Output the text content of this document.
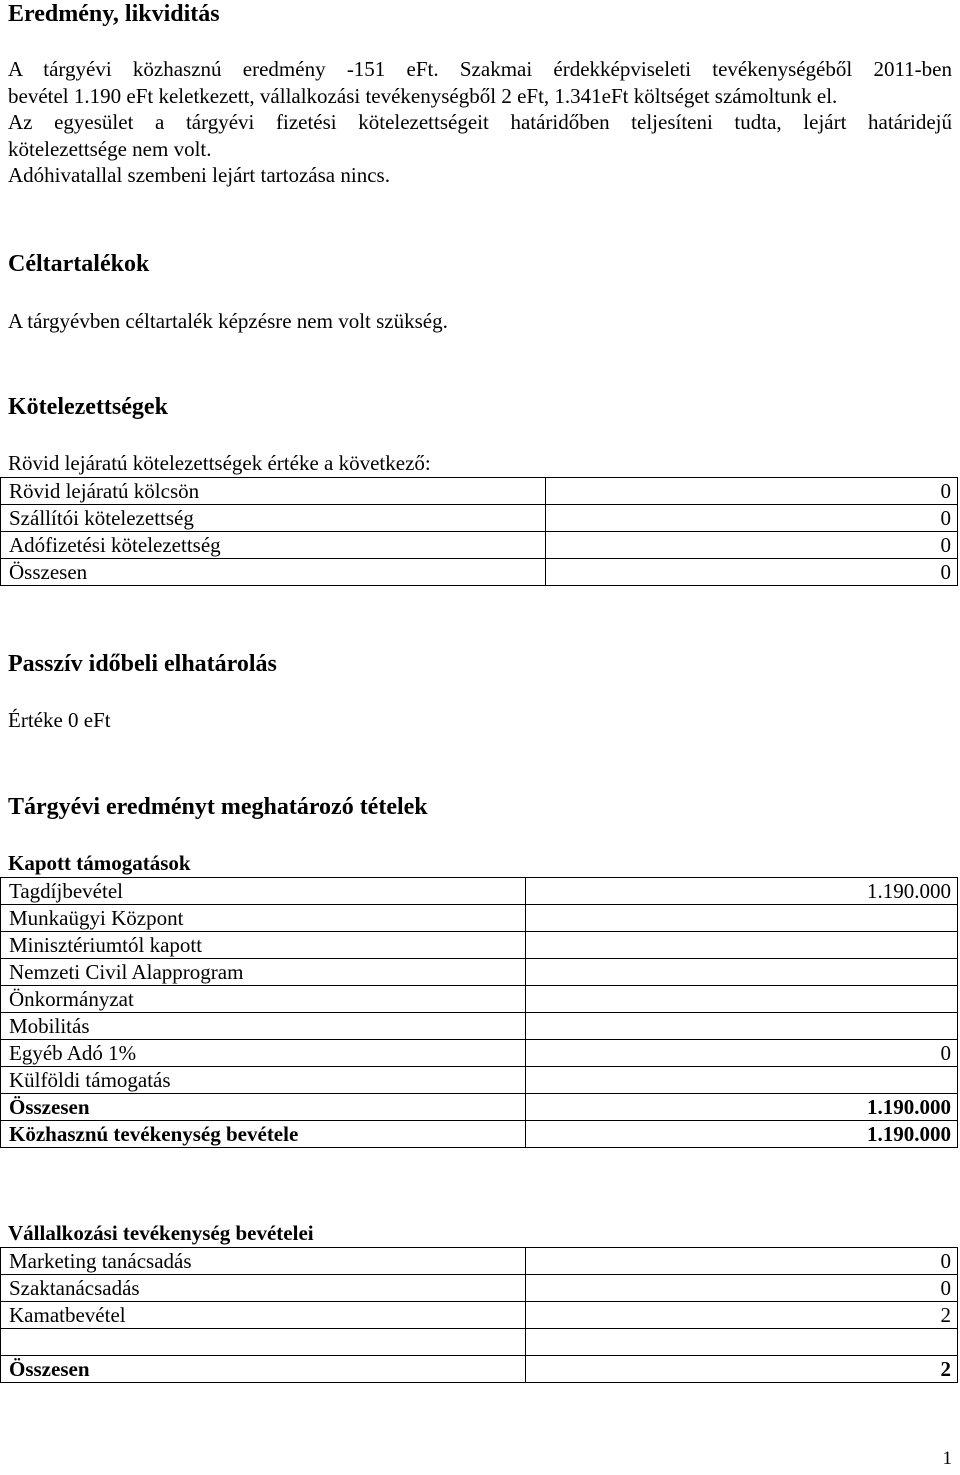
Eredmény, likviditás
A tárgyévi közhasznú eredmény -151 eFt. Szakmai érdekképviseleti tevékenységéből 2011-ben
bevétel 1.190 eFt keletkezett, vállalkozási tevékenységből 2 eFt, 1.341eFt költséget számoltunk el.
Az egyesület a tárgyévi fizetési kötelezettségeit határidőben teljesíteni tudta, lejárt határidejű
kötelezettsége nem volt.
Adóhivatallal szembeni lejárt tartozása nincs.
Céltartalékok
A tárgyévben céltartalék képzésre nem volt szükség.
Kötelezettségek
Rövid lejáratú kötelezettségek értéke a következő:
Rövid lejáratú kölcsön	0
Szállítói kötelezettség	0
Adófizetési kötelezettség	0
Összesen	0
Passzív időbeli elhatárolás
Értéke 0 eFt
Tárgyévi eredményt meghatározó tételek
Kapott támogatások
Tagdíjbevétel	1.190.000
Munkaügyi Központ	
Minisztériumtól kapott	
Nemzeti Civil Alapprogram	
Önkormányzat	
Mobilitás	
Egyéb Adó 1%	0
Külföldi támogatás	
Összesen	1.190.000
Közhasznú tevékenység bevétele	1.190.000
Vállalkozási tevékenység bevételei
Marketing tanácsadás	0
Szaktanácsadás	0
Kamatbevétel	2

Összesen	2
1
